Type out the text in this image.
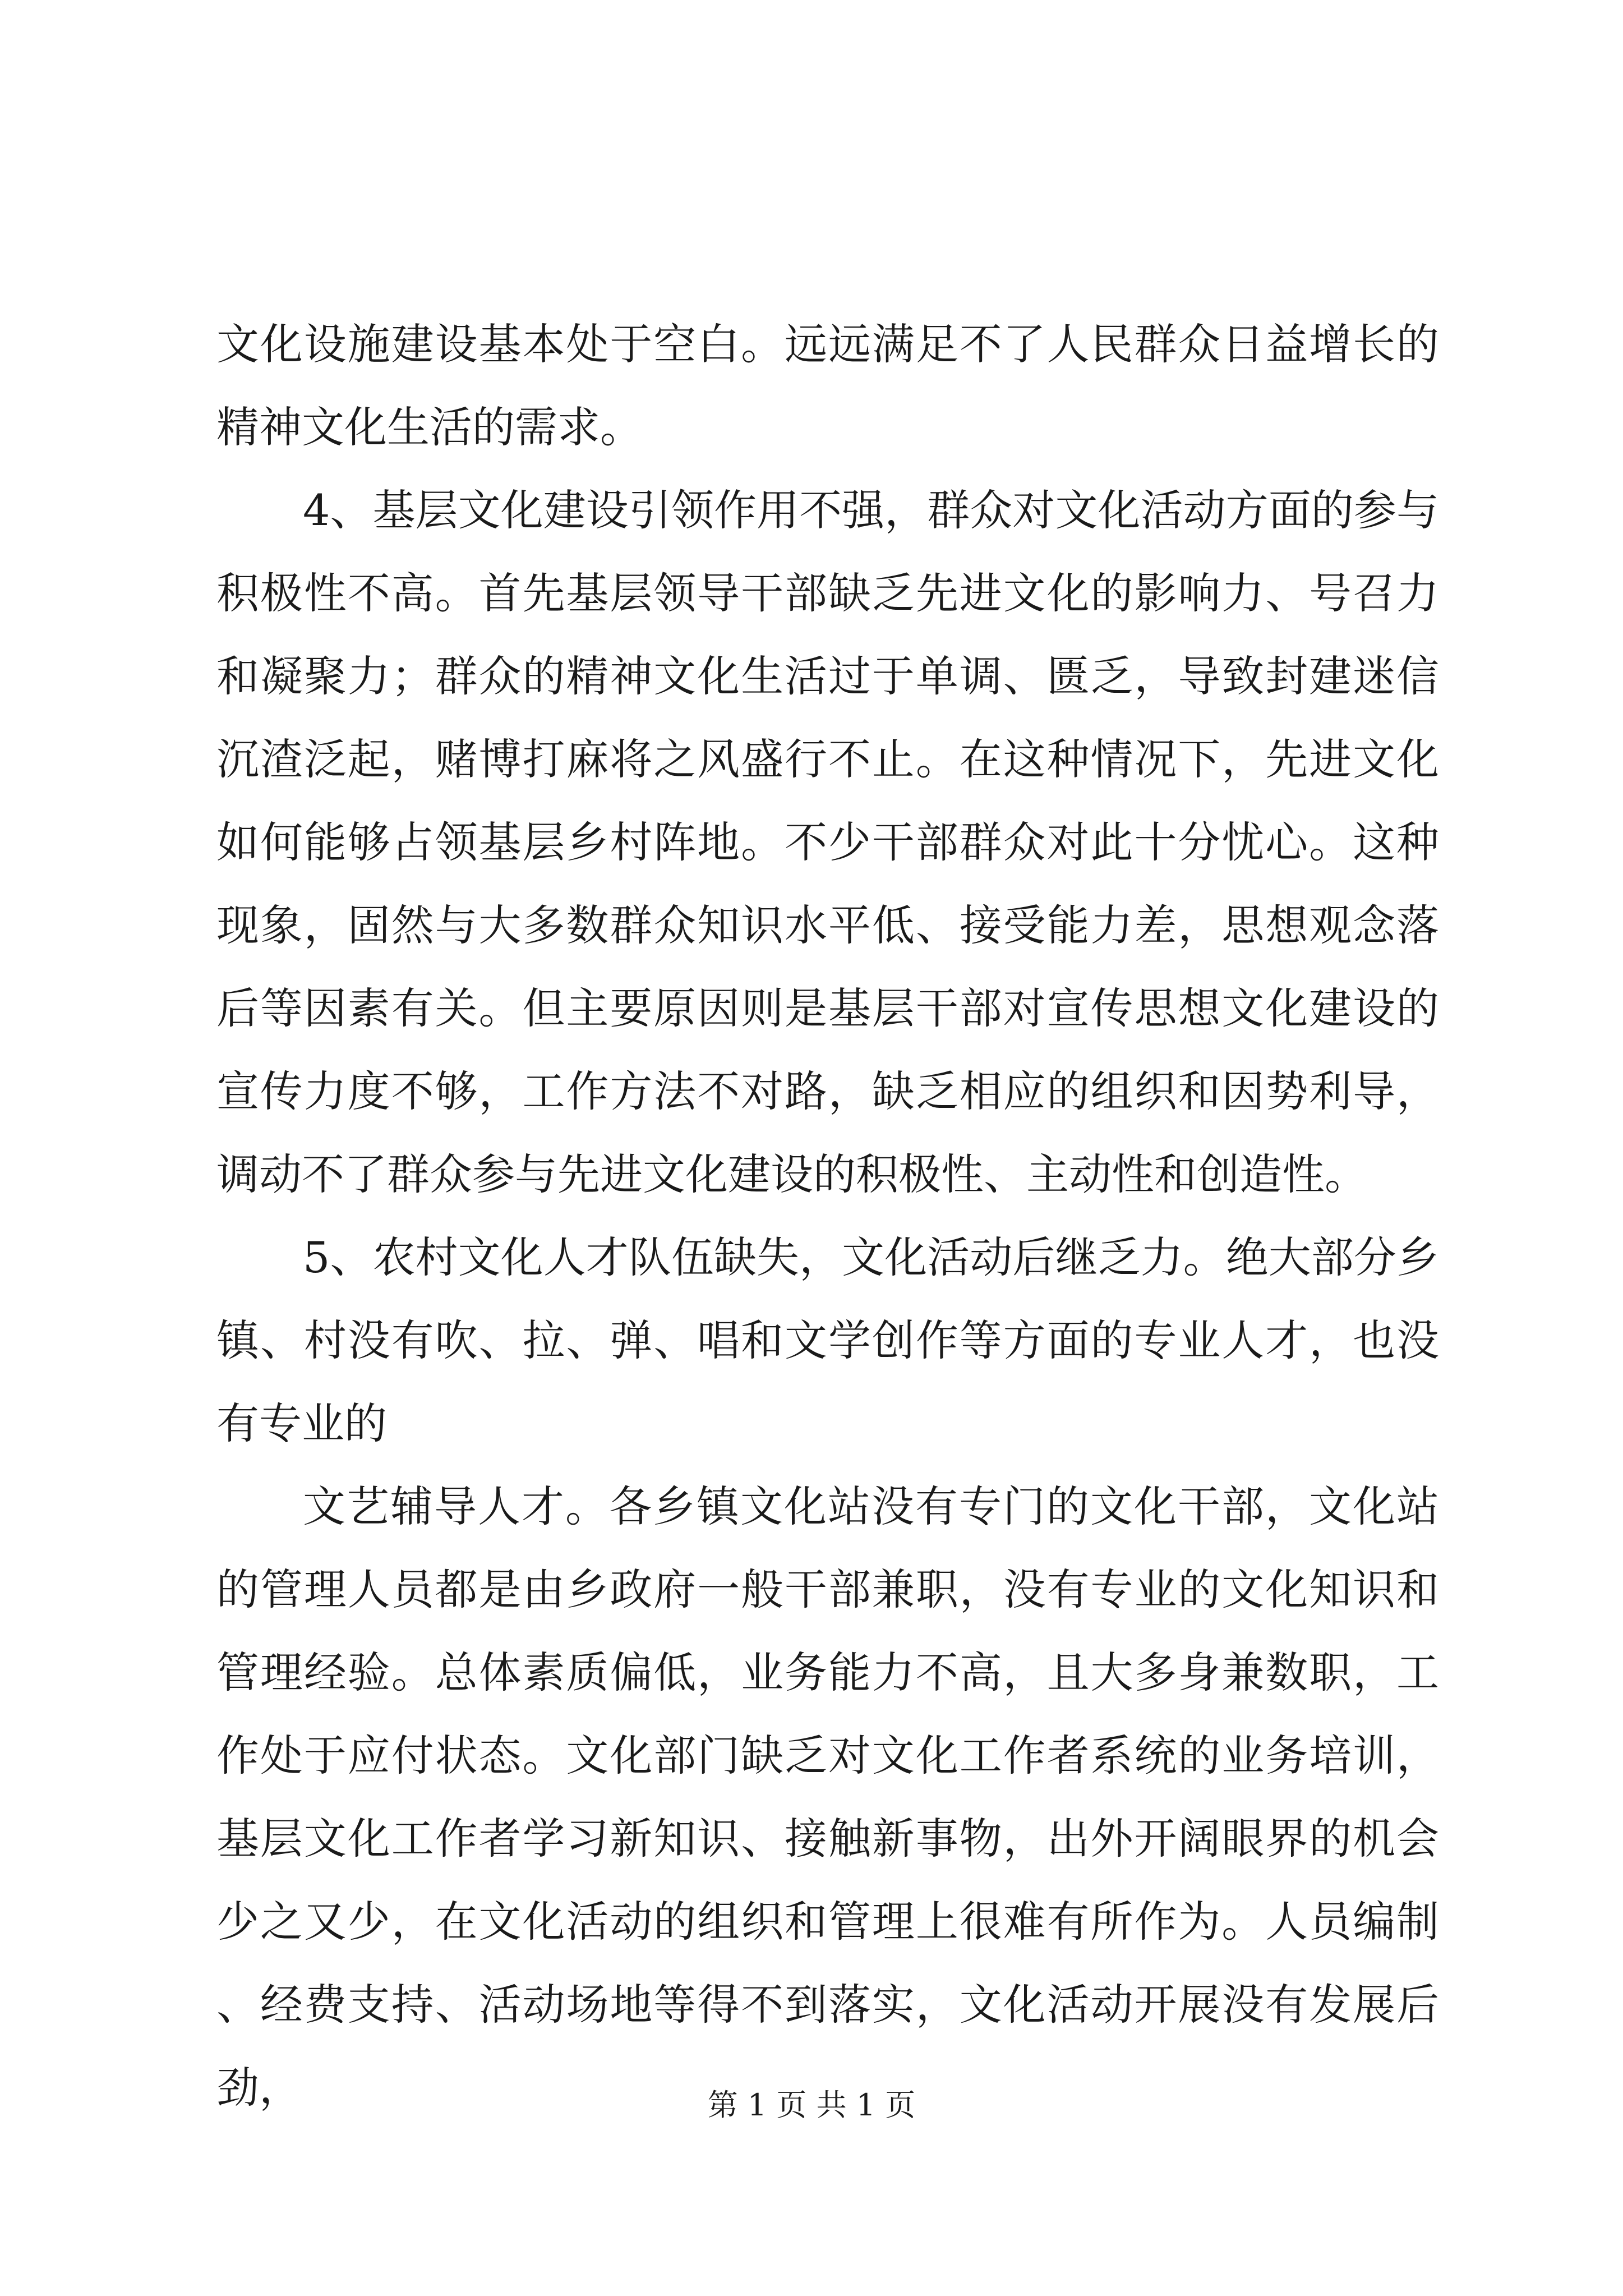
文化设施建设基本处于空白。远远满足不了人民群众日益增长的精神文化生活的需求。

4、基层文化建设引领作用不强，群众对文化活动方面的参与积极性不高。首先基层领导干部缺乏先进文化的影响力、号召力和凝聚力；群众的精神文化生活过于单调、匮乏，导致封建迷信沉渣泛起，赌博打麻将之风盛行不止。在这种情况下，先进文化如何能够占领基层乡村阵地。不少干部群众对此十分忧心。这种现象，固然与大多数群众知识水平低、接受能力差，思想观念落后等因素有关。但主要原因则是基层干部对宣传思想文化建设的宣传力度不够，工作方法不对路，缺乏相应的组织和因势利导，调动不了群众参与先进文化建设的积极性、主动性和创造性。

5、农村文化人才队伍缺失，文化活动后继乏力。绝大部分乡镇、村没有吹、拉、弹、唱和文学创作等方面的专业人才，也没有专业的

文艺辅导人才。各乡镇文化站没有专门的文化干部，文化站的管理人员都是由乡政府一般干部兼职，没有专业的文化知识和管理经验。总体素质偏低，业务能力不高，且大多身兼数职，工作处于应付状态。文化部门缺乏对文化工作者系统的业务培训，基层文化工作者学习新知识、接触新事物，出外开阔眼界的机会少之又少，在文化活动的组织和管理上很难有所作为。人员编制、经费支持、活动场地等得不到落实，文化活动开展没有发展后劲，	第 1 页 共 1 页
